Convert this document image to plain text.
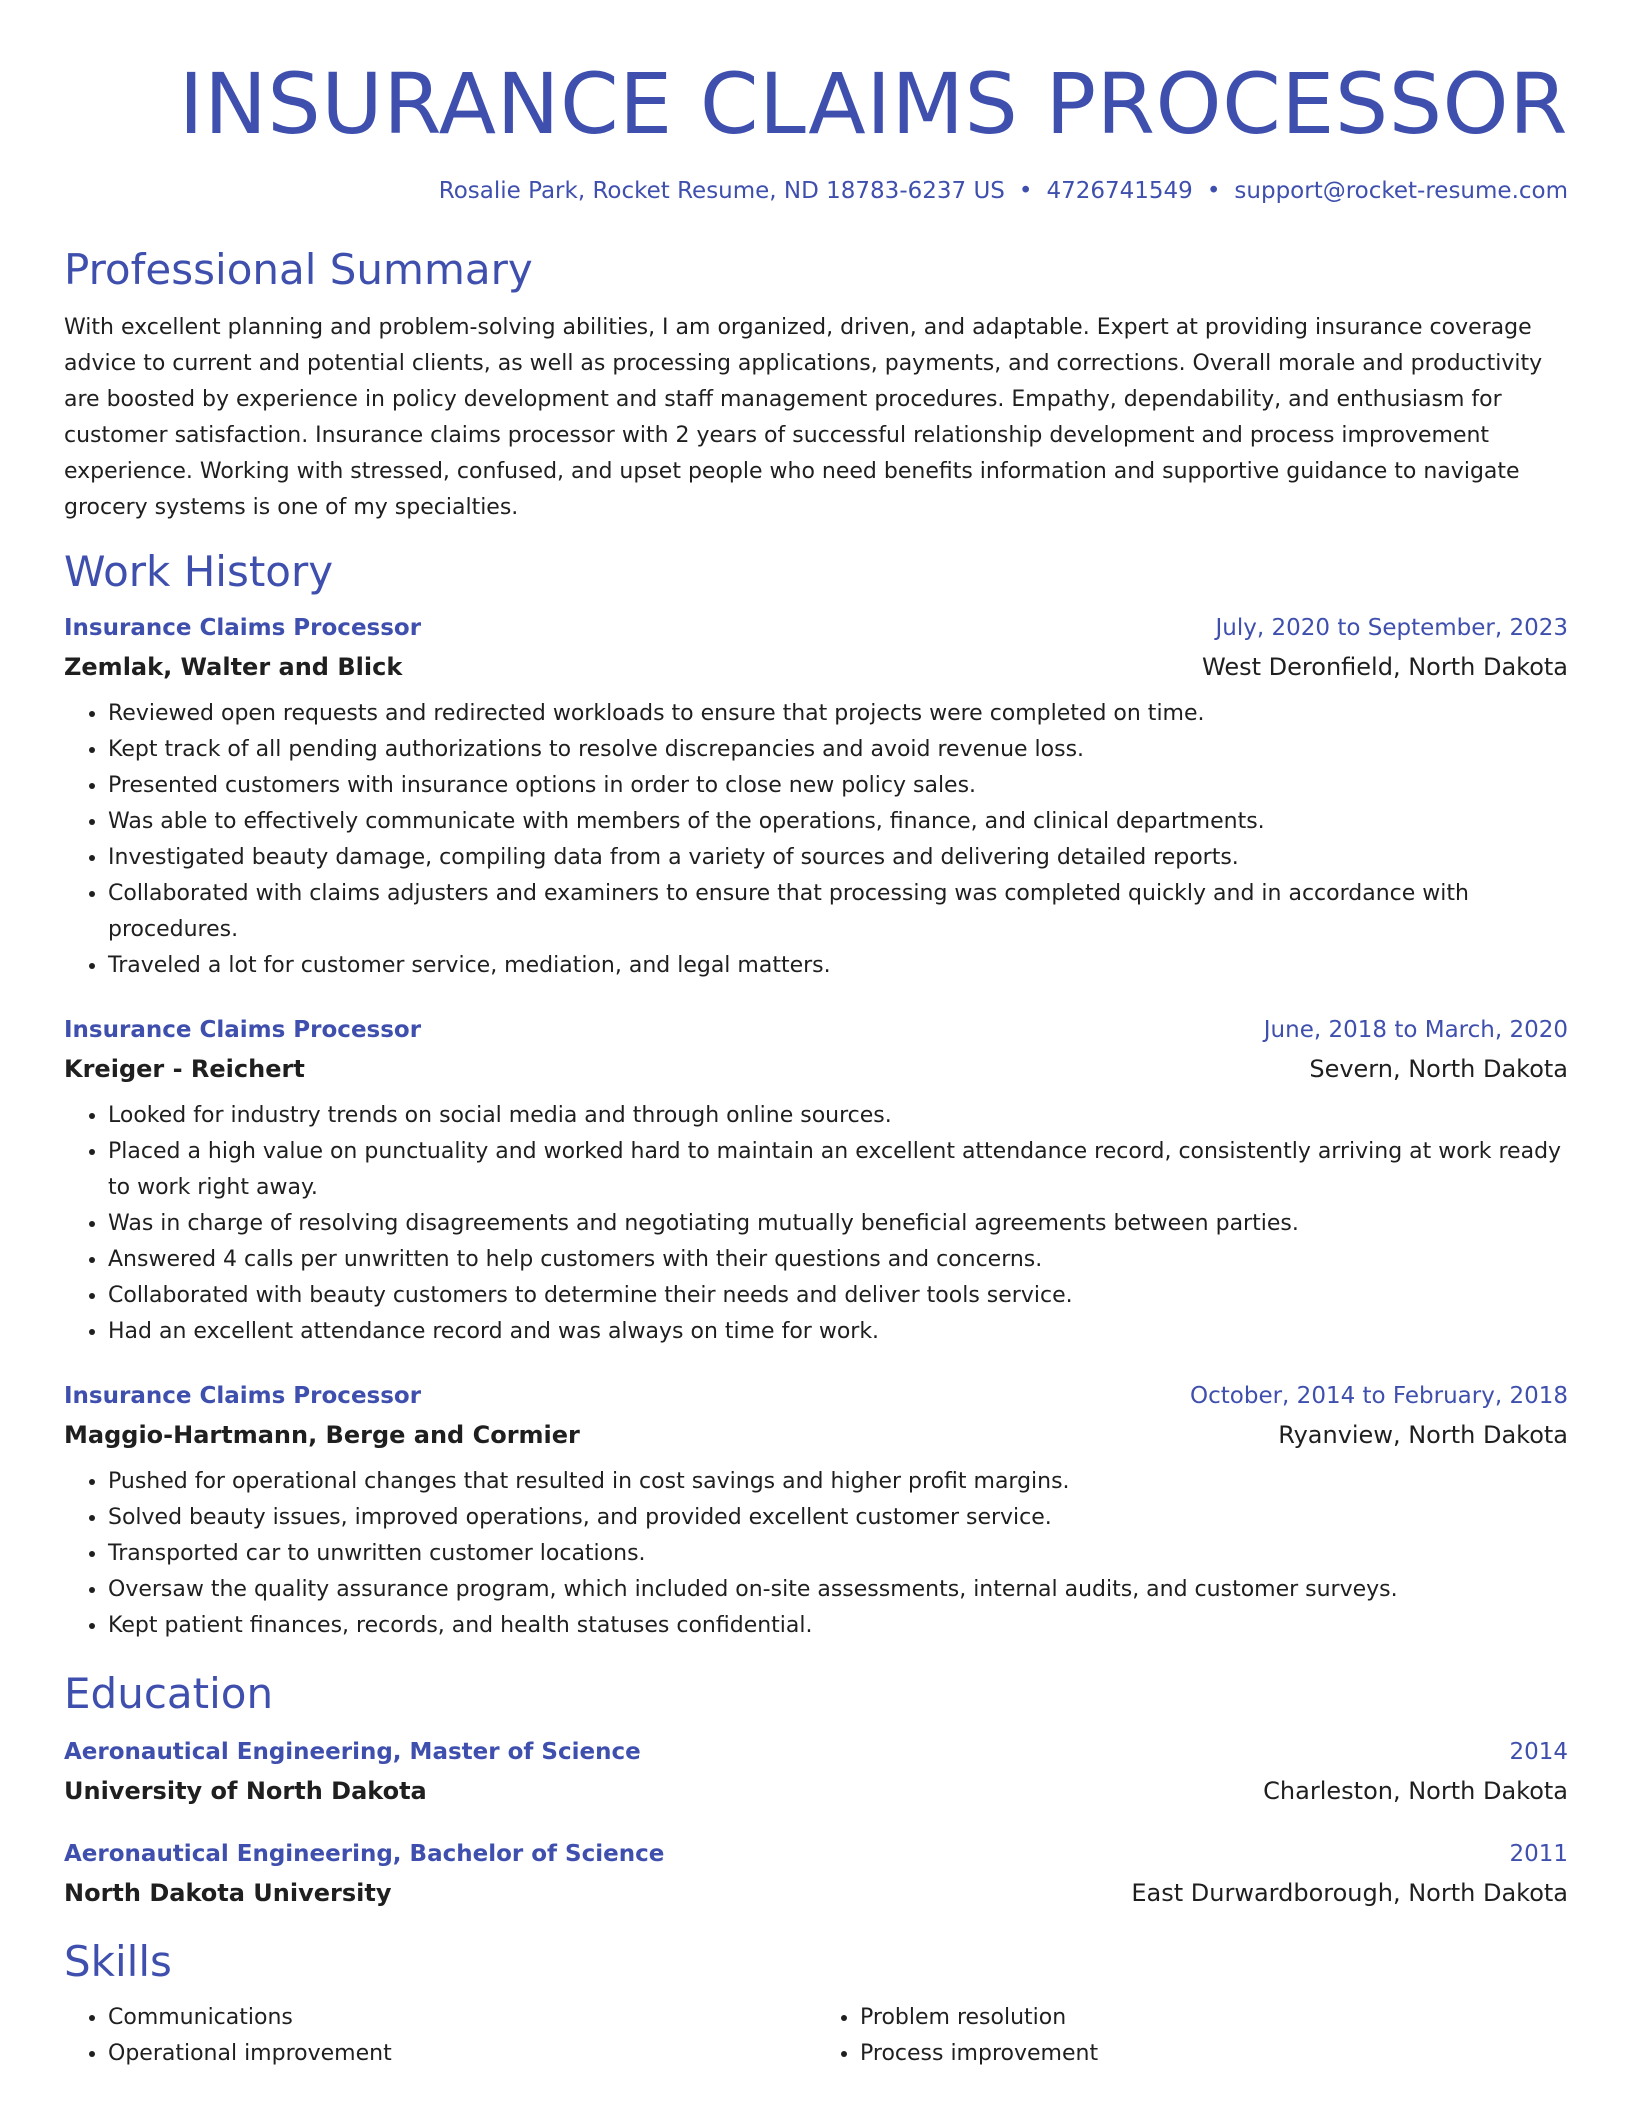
INSURANCE CLAIMS PROCESSOR
Rosalie Park, Rocket Resume, ND 18783-6237 US • 4726741549 • support@rocket-resume.com
Professional Summary

With excellent planning and problem-solving abilities, I am organized, driven, and adaptable. Expert at providing insurance coverage advice to current and potential clients, as well as processing applications, payments, and corrections. Overall morale and productivity are boosted by experience in policy development and staff management procedures. Empathy, dependability, and enthusiasm for customer satisfaction. Insurance claims processor with 2 years of successful relationship development and process improvement experience. Working with stressed, confused, and upset people who need benefits information and supportive guidance to navigate grocery systems is one of my specialties.

Work History
Insurance Claims Processor	July, 2020 to September, 2023
Zemlak, Walter and Blick	West Deronfield, North Dakota
• Reviewed open requests and redirected workloads to ensure that projects were completed on time.
• Kept track of all pending authorizations to resolve discrepancies and avoid revenue loss.
• Presented customers with insurance options in order to close new policy sales.
• Was able to effectively communicate with members of the operations, finance, and clinical departments.
• Investigated beauty damage, compiling data from a variety of sources and delivering detailed reports.
• Collaborated with claims adjusters and examiners to ensure that processing was completed quickly and in accordance with procedures.
• Traveled a lot for customer service, mediation, and legal matters.
Insurance Claims Processor	June, 2018 to March, 2020
Kreiger - Reichert	Severn, North Dakota
• Looked for industry trends on social media and through online sources.
• Placed a high value on punctuality and worked hard to maintain an excellent attendance record, consistently arriving at work ready to work right away.
• Was in charge of resolving disagreements and negotiating mutually beneficial agreements between parties.
• Answered 4 calls per unwritten to help customers with their questions and concerns.
• Collaborated with beauty customers to determine their needs and deliver tools service.
• Had an excellent attendance record and was always on time for work.
Insurance Claims Processor	October, 2014 to February, 2018
Maggio-Hartmann, Berge and Cormier	Ryanview, North Dakota
• Pushed for operational changes that resulted in cost savings and higher profit margins.
• Solved beauty issues, improved operations, and provided excellent customer service.
• Transported car to unwritten customer locations.
• Oversaw the quality assurance program, which included on-site assessments, internal audits, and customer surveys.
• Kept patient finances, records, and health statuses confidential.
Education
Aeronautical Engineering, Master of Science	2014
University of North Dakota	Charleston, North Dakota
Aeronautical Engineering, Bachelor of Science	2011
North Dakota University	East Durwardborough, North Dakota
Skills
• Communications
• Operational improvement
• Problem resolution
• Process improvement
